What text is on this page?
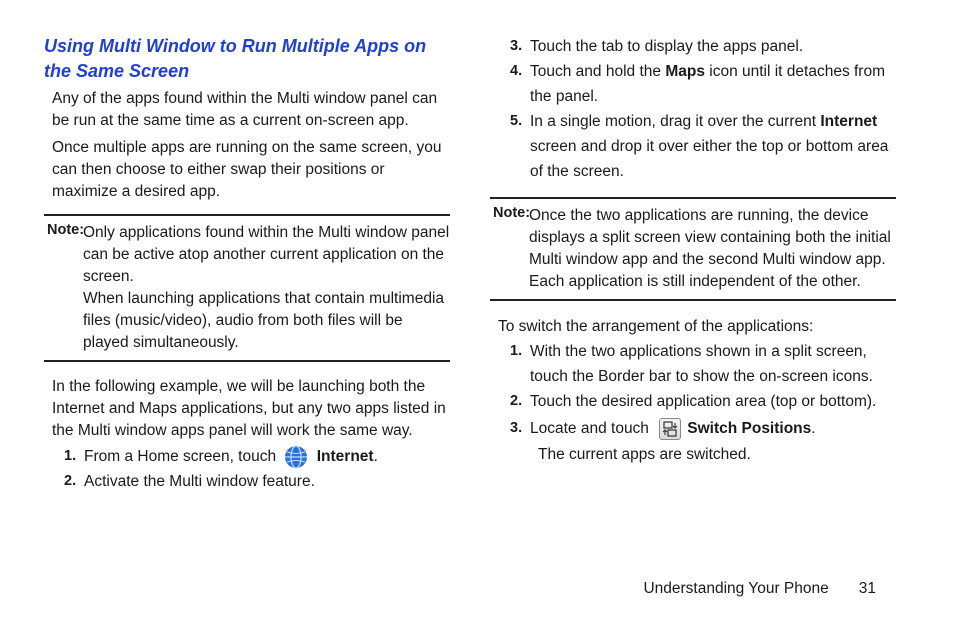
Using Multi Window to Run Multiple Apps on the Same Screen

Any of the apps found within the Multi window panel can be run at the same time as a current on-screen app.

Once multiple apps are running on the same screen, you can then choose to either swap their positions or maximize a desired app.

Note:

Only applications found within the Multi window panel can be active atop another current application on the screen.

When launching applications that contain multimedia files (music/video), audio from both files will be played simultaneously.

In the following example, we will be launching both the Internet and Maps applications, but any two apps listed in the Multi window apps panel will work the same way.

1. From a Home screen, touch	Internet.
2. Activate the Multi window feature.
3. Touch the tab to display the apps panel.
4. Touch and hold the Maps icon until it detaches from the panel.
5. In a single motion, drag it over the current Internet screen and drop it over either the top or bottom area of the screen.
Note:

Once the two applications are running, the device displays a split screen view containing both the initial Multi window app and the second Multi window app. Each application is still independent of the other.

To switch the arrangement of the applications:

1. With the two applications shown in a split screen, touch the Border bar to show the on-screen icons.
2. Touch the desired application area (top or bottom).
3. Locate and touch Switch Positions.
The current apps are switched.
Understanding Your Phone 31
